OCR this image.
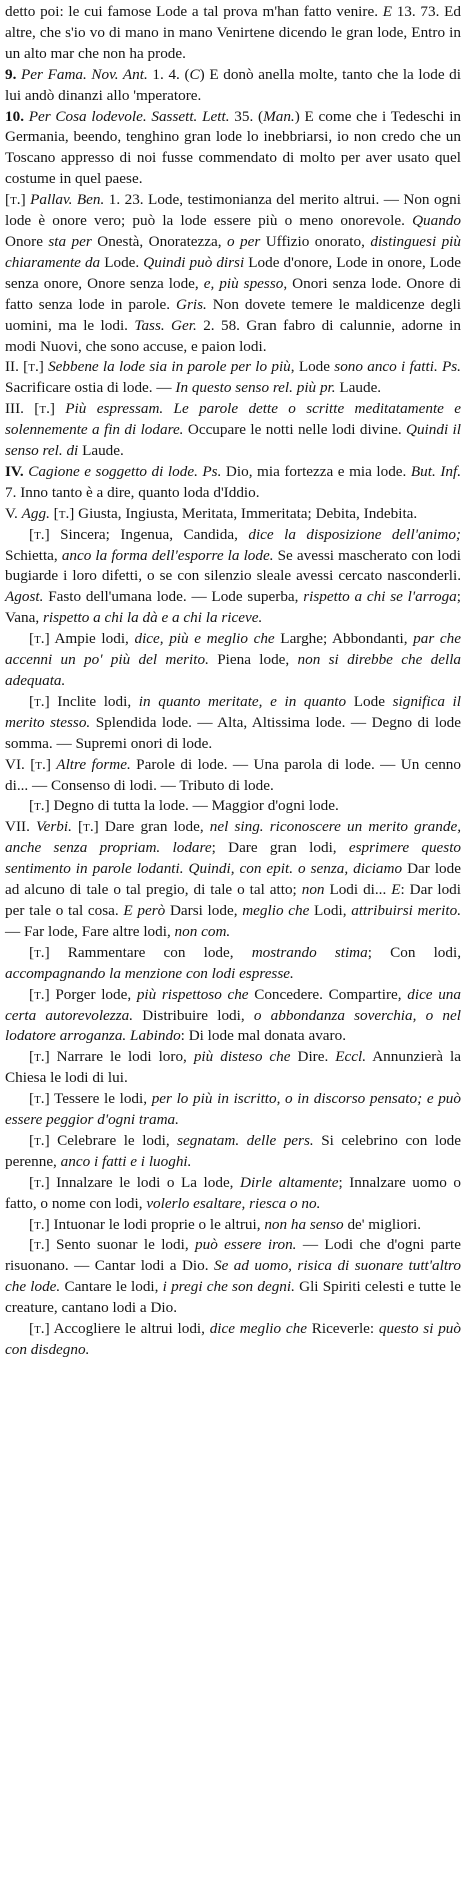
detto poi: le cui famose Lode a tal prova m'han fatto venire. E 13. 73. Ed altre, che s'io vo di mano in mano Venirtene dicendo le gran lode, Entro in un alto mar che non ha prode.

9. Per Fama. Nov. Ant. 1. 4. (C) E donò anella molte, tanto che la lode di lui andò dinanzi allo 'mperatore.

10. Per Cosa lodevole. Sassett. Lett. 35. (Man.) E come che i Tedeschi in Germania, beendo, tenghino gran lode lo inebbriarsi, io non credo che un Toscano appresso di noi fusse commendato di molto per aver usato quel costume in quel paese.

[t.] Pallav. Ben. 1. 23. Lode, testimonianza del merito altrui. — Non ogni lode è onore vero; può la lode essere più o meno onorevole. Quando Onore sta per Onestà, Onoratezza, o per Uffizio onorato, distinguesi più chiaramente da Lode. Quindi può dirsi Lode d'onore, Lode in onore, Lode senza onore, Onore senza lode, e, più spesso, Onori senza lode. Onore di fatto senza lode in parole. Gris. Non dovete temere le maldicenze degli uomini, ma le lodi. Tass. Ger. 2. 58. Gran fabro di calunnie, adorne in modi Nuovi, che sono accuse, e paion lodi.

II. [t.] Sebbene la lode sia in parole per lo più, Lode sono anco i fatti. Ps. Sacrificare ostia di lode. — In questo senso rel. più pr. Laude.

III. [t.] Più espressam. Le parole dette o scritte meditatamente e solennemente a fin di lodare. Occupare le notti nelle lodi divine. Quindi il senso rel. di Laude.

IV. Cagione e soggetto di lode. Ps. Dio, mia fortezza e mia lode. But. Inf. 7. Inno tanto è a dire, quanto loda d'Iddio.

V. Agg. [t.] Giusta, Ingiusta, Meritata, Immeritata; Debita, Indebita.

[t.] Sincera; Ingenua, Candida, dice la disposizione dell'animo; Schietta, anco la forma dell'esporre la lode. Se avessi mascherato con lodi bugiarde i loro difetti, o se con silenzio sleale avessi cercato nasconderli. Agost. Fasto dell'umana lode. — Lode superba, rispetto a chi se l'arroga; Vana, rispetto a chi la dà e a chi la riceve.

[t.] Ampie lodi, dice, più e meglio che Larghe; Abbondanti, par che accenni un po' più del merito. Piena lode, non si direbbe che della adequata.

[t.] Inclite lodi, in quanto meritate, e in quanto Lode significa il merito stesso. Splendida lode. — Alta, Altissima lode. — Degno di lode somma. — Supremi onori di lode.

VI. [t.] Altre forme. Parole di lode. — Una parola di lode. — Un cenno di... — Consenso di lodi. — Tributo di lode.

[t.] Degno di tutta la lode. — Maggior d'ogni lode.

VII. Verbi. [t.] Dare gran lode, nel sing. riconoscere un merito grande, anche senza propriam. lodare; Dare gran lodi, esprimere questo sentimento in parole lodanti. Quindi, con epit. o senza, diciamo Dar lode ad alcuno di tale o tal pregio, di tale o tal atto; non Lodi di... E: Dar lodi per tale o tal cosa. E però Darsi lode, meglio che Lodi, attribuirsi merito. — Far lode, Fare altre lodi, non com.

[t.] Rammentare con lode, mostrando stima; Con lodi, accompagnando la menzione con lodi espresse.

[t.] Porger lode, più rispettoso che Concedere. Compartire, dice una certa autorevolezza. Distribuire lodi, o abbondanza soverchia, o nel lodatore arroganza. Labindo: Di lode mal donata avaro.

[t.] Narrare le lodi loro, più disteso che Dire. Eccl. Annunzierà la Chiesa le lodi di lui.

[t.] Tessere le lodi, per lo più in iscritto, o in discorso pensato; e può essere peggior d'ogni trama.

[t.] Celebrare le lodi, segnatam. delle pers. Si celebrino con lode perenne, anco i fatti e i luoghi.

[t.] Innalzare le lodi o La lode, Dirle altamente; Innalzare uomo o fatto, o nome con lodi, volerlo esaltare, riesca o no.

[t.] Intuonar le lodi proprie o le altrui, non ha senso de' migliori.

[t.] Sento suonar le lodi, può essere iron. — Lodi che d'ogni parte risuonano. — Cantar lodi a Dio. Se ad uomo, risica di suonare tutt'altro che lode. Cantare le lodi, i pregi che son degni. Gli Spiriti celesti e tutte le creature, cantano lodi a Dio.

[t.] Accogliere le altrui lodi, dice meglio che Riceverle: questo si può con disdegno.
